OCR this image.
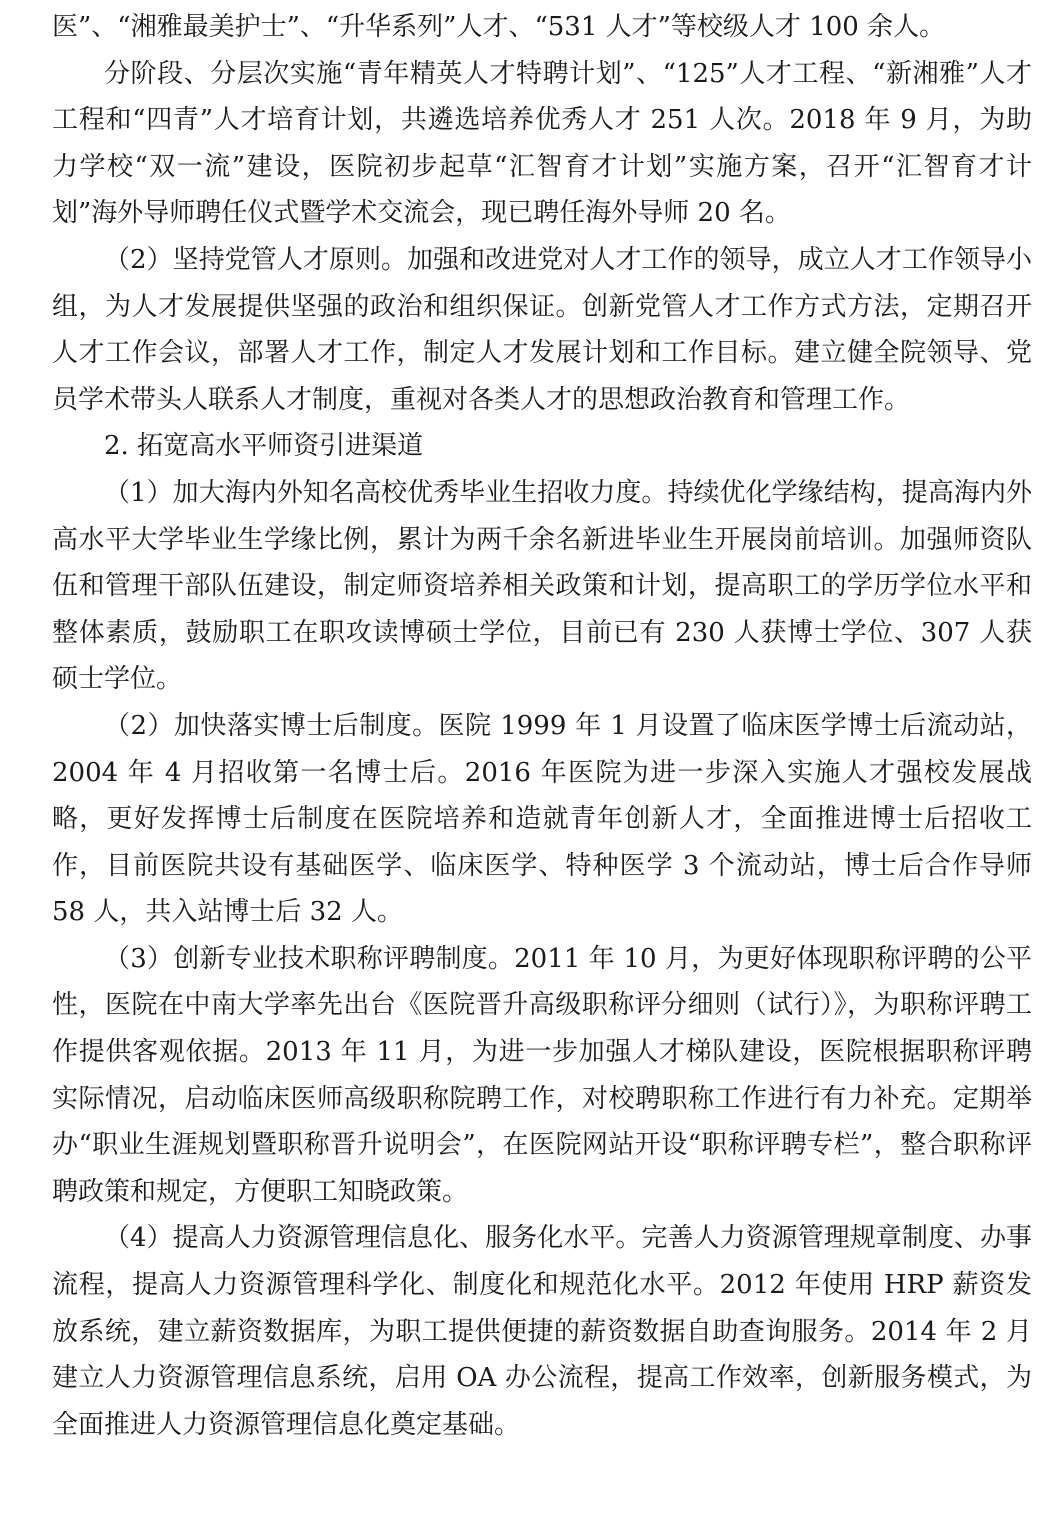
医”、“湘雅最美护士”、“升华系列”人才、“531 人才”等校级人才 100 余人。

分阶段、分层次实施“青年精英人才特聘计划”、“125”人才工程、“新湘雅”人才工程和“四青”人才培育计划，共遴选培养优秀人才 251 人次。2018 年 9 月，为助力学校“双一流”建设，医院初步起草“汇智育才计划”实施方案，召开“汇智育才计划”海外导师聘任仪式暨学术交流会，现已聘任海外导师 20 名。

（2）坚持党管人才原则。加强和改进党对人才工作的领导，成立人才工作领导小组，为人才发展提供坚强的政治和组织保证。创新党管人才工作方式方法，定期召开人才工作会议，部署人才工作，制定人才发展计划和工作目标。建立健全院领导、党员学术带头人联系人才制度，重视对各类人才的思想政治教育和管理工作。

2. 拓宽高水平师资引进渠道

（1）加大海内外知名高校优秀毕业生招收力度。持续优化学缘结构，提高海内外高水平大学毕业生学缘比例，累计为两千余名新进毕业生开展岗前培训。加强师资队伍和管理干部队伍建设，制定师资培养相关政策和计划，提高职工的学历学位水平和整体素质，鼓励职工在职攻读博硕士学位，目前已有 230 人获博士学位、307 人获硕士学位。

（2）加快落实博士后制度。医院 1999 年 1 月设置了临床医学博士后流动站，2004 年 4 月招收第一名博士后。2016 年医院为进一步深入实施人才强校发展战略，更好发挥博士后制度在医院培养和造就青年创新人才，全面推进博士后招收工作，目前医院共设有基础医学、临床医学、特种医学 3 个流动站，博士后合作导师 58 人，共入站博士后 32 人。

（3）创新专业技术职称评聘制度。2011 年 10 月，为更好体现职称评聘的公平性，医院在中南大学率先出台《医院晋升高级职称评分细则（试行）》，为职称评聘工作提供客观依据。2013 年 11 月，为进一步加强人才梯队建设，医院根据职称评聘实际情况，启动临床医师高级职称院聘工作，对校聘职称工作进行有力补充。定期举办“职业生涯规划暨职称晋升说明会”，在医院网站开设“职称评聘专栏”，整合职称评聘政策和规定，方便职工知晓政策。

（4）提高人力资源管理信息化、服务化水平。完善人力资源管理规章制度、办事流程，提高人力资源管理科学化、制度化和规范化水平。2012 年使用 HRP 薪资发放系统，建立薪资数据库，为职工提供便捷的薪资数据自助查询服务。2014 年 2 月建立人力资源管理信息系统，启用 OA 办公流程，提高工作效率，创新服务模式，为全面推进人力资源管理信息化奠定基础。
